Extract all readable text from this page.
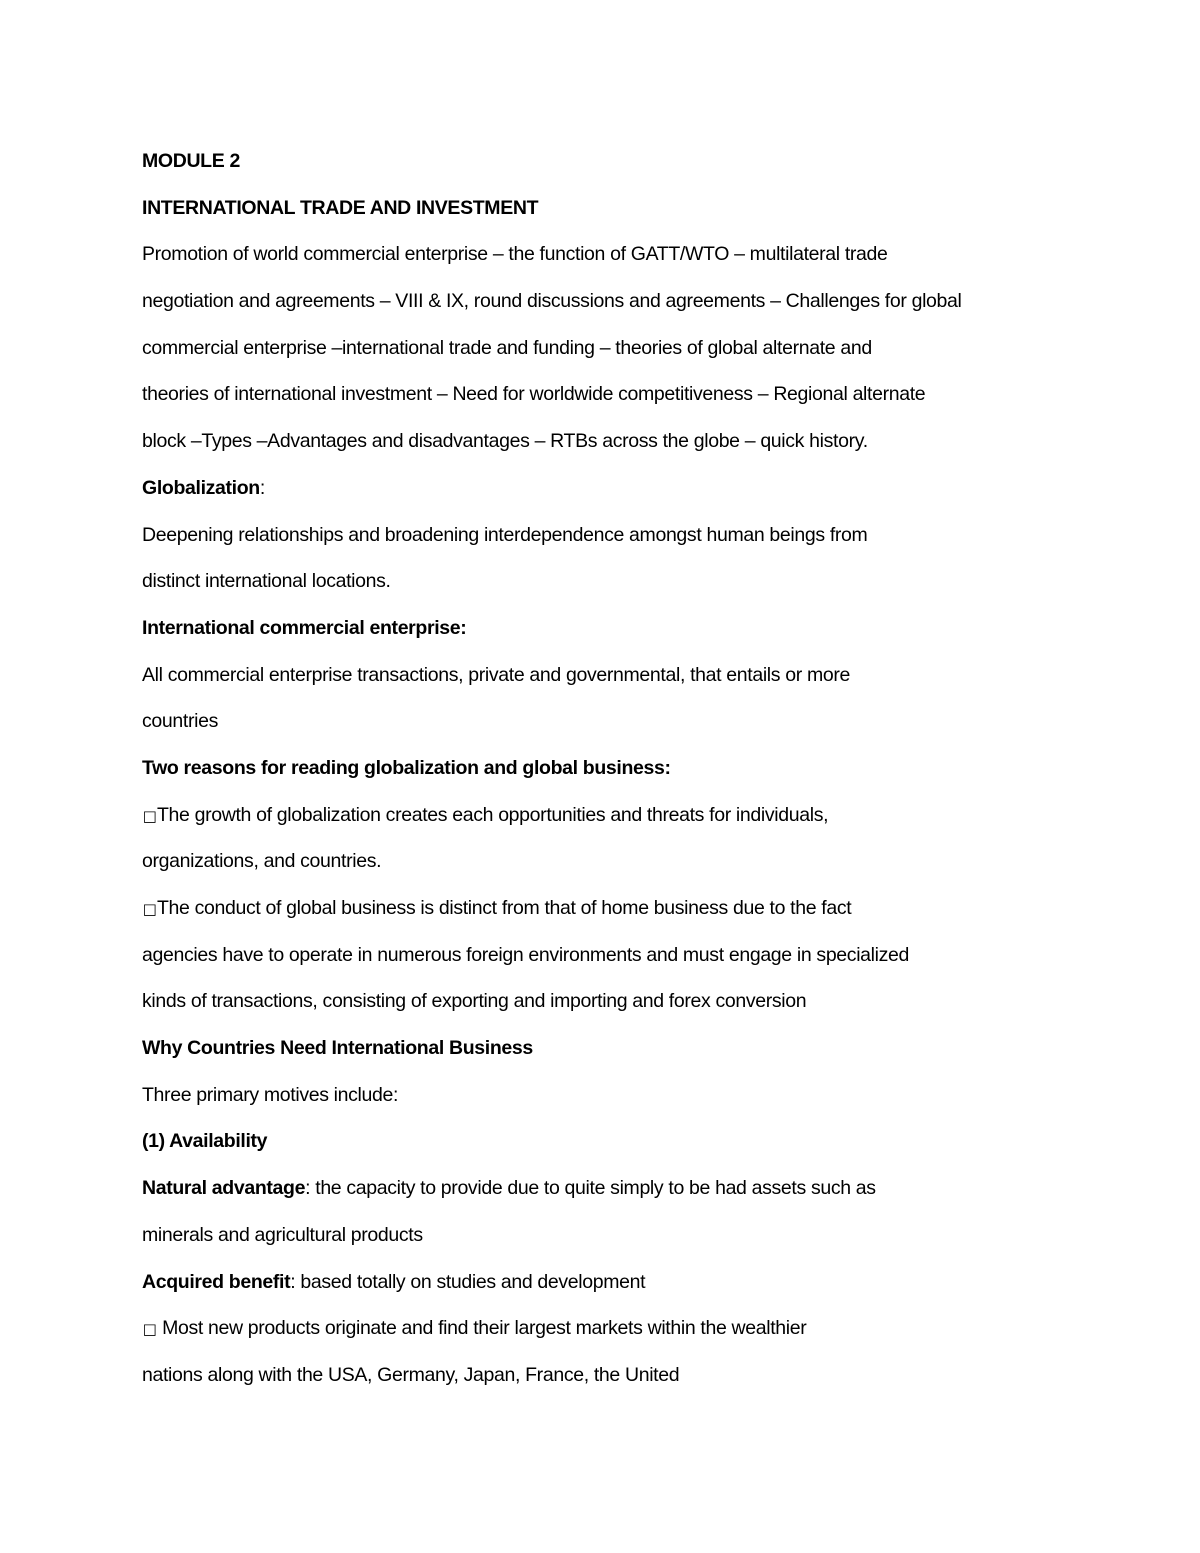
MODULE 2
INTERNATIONAL TRADE AND INVESTMENT
Promotion of world commercial enterprise – the function of GATT/WTO – multilateral trade
negotiation and agreements – VIII & IX, round discussions and agreements – Challenges for global
commercial enterprise –international trade and funding – theories of global alternate and
theories of international investment – Need for worldwide competitiveness – Regional alternate
block –Types –Advantages and disadvantages – RTBs across the globe – quick history.
Globalization:
Deepening relationships and broadening interdependence amongst human beings from
distinct international locations.
International commercial enterprise:
All commercial enterprise transactions, private and governmental, that entails or more
countries
Two reasons for reading globalization and global business:
□The growth of globalization creates each opportunities and threats for individuals,
organizations, and countries.
□The conduct of global business is distinct from that of home business due to the fact
agencies have to operate in numerous foreign environments and must engage in specialized
kinds of transactions, consisting of exporting and importing and forex conversion
Why Countries Need International Business
Three primary motives include:
(1) Availability
Natural advantage: the capacity to provide due to quite simply to be had assets such as
minerals and agricultural products
Acquired benefit: based totally on studies and development
□ Most new products originate and find their largest markets within the wealthier
nations along with the USA, Germany, Japan, France, the United
